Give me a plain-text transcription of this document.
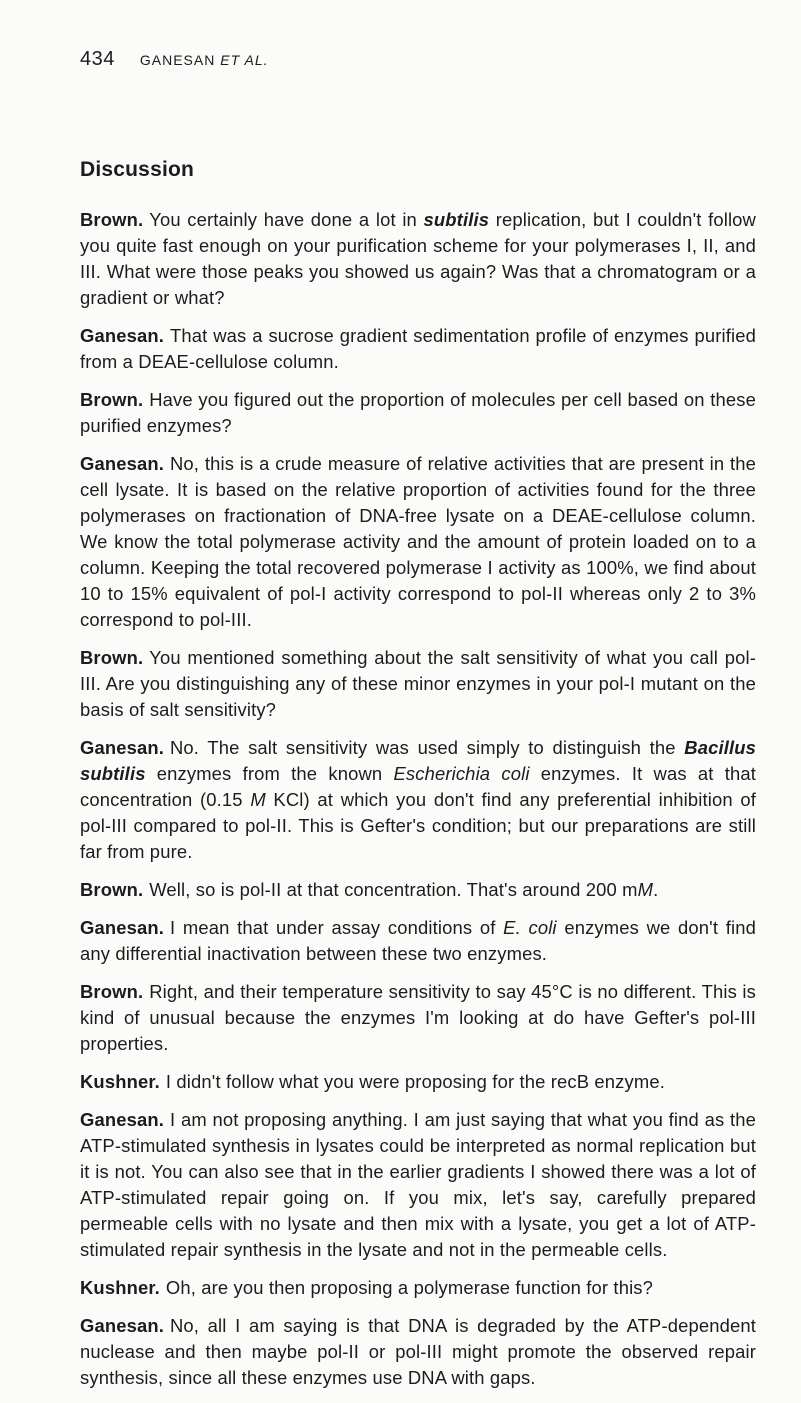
434 GANESAN ET AL.
Discussion

Brown. You certainly have done a lot in subtilis replication, but I couldn't follow you quite fast enough on your purification scheme for your polymerases I, II, and III. What were those peaks you showed us again? Was that a chromatogram or a gradient or what?

Ganesan. That was a sucrose gradient sedimentation profile of enzymes purified from a DEAE-cellulose column.

Brown. Have you figured out the proportion of molecules per cell based on these purified enzymes?

Ganesan. No, this is a crude measure of relative activities that are present in the cell lysate. It is based on the relative proportion of activities found for the three polymerases on fractionation of DNA-free lysate on a DEAE-cellulose column. We know the total polymerase activity and the amount of protein loaded on to a column. Keeping the total recovered polymerase I activity as 100%, we find about 10 to 15% equivalent of pol-I activity correspond to pol-II whereas only 2 to 3% correspond to pol-III.

Brown. You mentioned something about the salt sensitivity of what you call pol-III. Are you distinguishing any of these minor enzymes in your pol-I mutant on the basis of salt sensitivity?

Ganesan. No. The salt sensitivity was used simply to distinguish the Bacillus subtilis enzymes from the known Escherichia coli enzymes. It was at that concentration (0.15 M KCl) at which you don't find any preferential inhibition of pol-III compared to pol-II. This is Gefter's condition; but our preparations are still far from pure.

Brown. Well, so is pol-II at that concentration. That's around 200 mM.

Ganesan. I mean that under assay conditions of E. coli enzymes we don't find any differential inactivation between these two enzymes.

Brown. Right, and their temperature sensitivity to say 45°C is no different. This is kind of unusual because the enzymes I'm looking at do have Gefter's pol-III properties.

Kushner. I didn't follow what you were proposing for the recB enzyme.

Ganesan. I am not proposing anything. I am just saying that what you find as the ATP-stimulated synthesis in lysates could be interpreted as normal replication but it is not. You can also see that in the earlier gradients I showed there was a lot of ATP-stimulated repair going on. If you mix, let's say, carefully prepared permeable cells with no lysate and then mix with a lysate, you get a lot of ATP-stimulated repair synthesis in the lysate and not in the permeable cells.

Kushner. Oh, are you then proposing a polymerase function for this?

Ganesan. No, all I am saying is that DNA is degraded by the ATP-dependent nuclease and then maybe pol-II or pol-III might promote the observed repair synthesis, since all these enzymes use DNA with gaps.
